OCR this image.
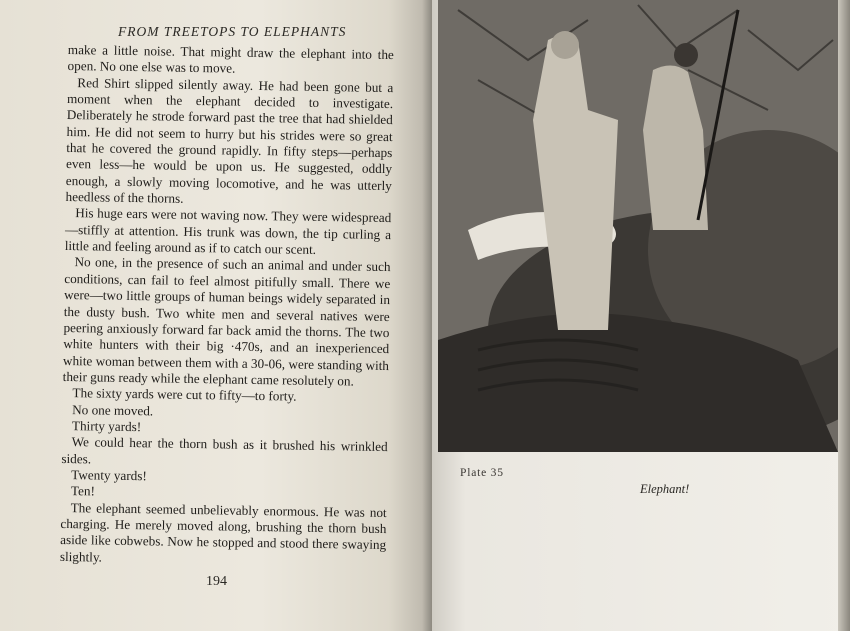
FROM TREETOPS TO ELEPHANTS

make a little noise. That might draw the elephant into the open. No one else was to move.

Red Shirt slipped silently away. He had been gone but a moment when the elephant decided to investigate. Deliberately he strode forward past the tree that had shielded him. He did not seem to hurry but his strides were so great that he covered the ground rapidly. In fifty steps—perhaps even less—he would be upon us. He suggested, oddly enough, a slowly moving locomotive, and he was utterly heedless of the thorns.

His huge ears were not waving now. They were widespread—stiffly at attention. His trunk was down, the tip curling a little and feeling around as if to catch our scent.

No one, in the presence of such an animal and under such conditions, can fail to feel almost pitifully small. There we were—two little groups of human beings widely separated in the dusty bush. Two white men and several natives were peering anxiously forward far back amid the thorns. The two white hunters with their big ·470s, and an inexperienced white woman between them with a 30-06, were standing with their guns ready while the elephant came resolutely on.

The sixty yards were cut to fifty—to forty.

No one moved.

Thirty yards!

We could hear the thorn bush as it brushed his wrinkled sides.

Twenty yards!

Ten!

The elephant seemed unbelievably enormous. He was not charging. He merely moved along, brushing the thorn bush aside like cobwebs. Now he stopped and stood there swaying slightly.

194
Plate 35
Elephant!
